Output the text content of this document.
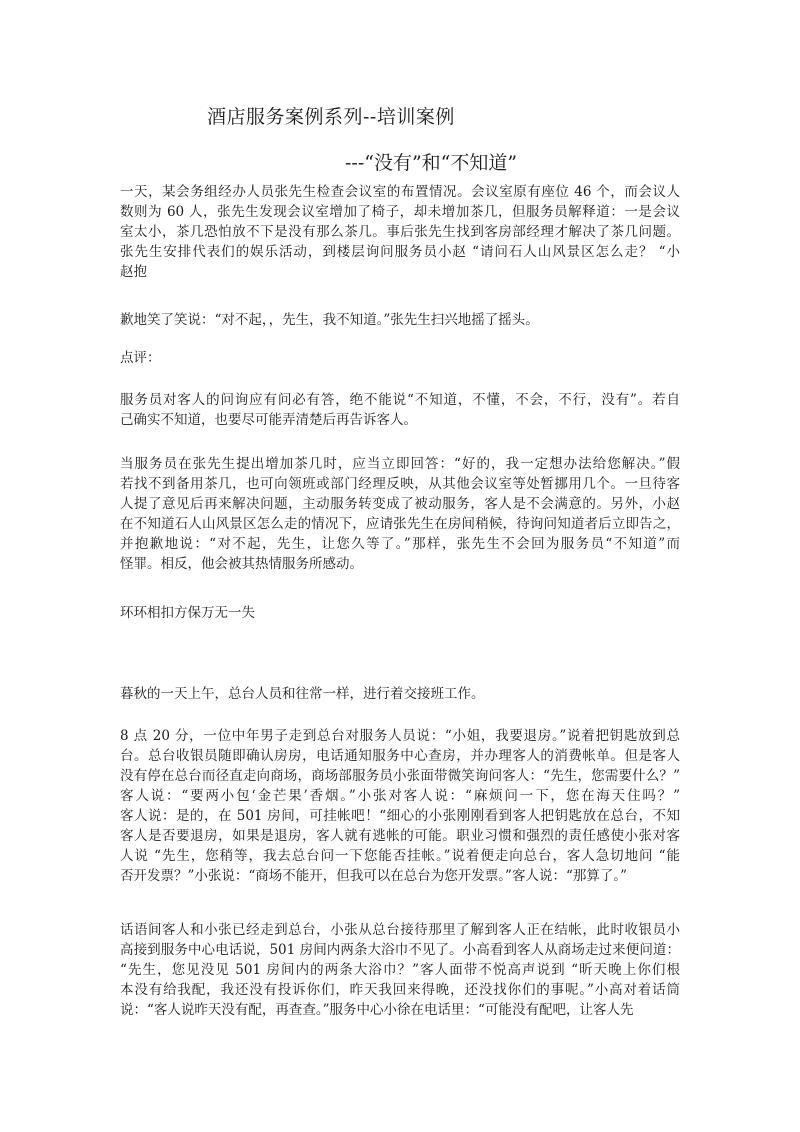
酒店服务案例系列--培训案例
---“没有”和“不知道”
一天，某会务组经办人员张先生检查会议室的布置情况。会议室原有座位 46 个，而会议人
数则为 60 人，张先生发现会议室增加了椅子，却未增加茶几，但服务员解释道：一是会议
室太小，茶几恐怕放不下是没有那么茶几。事后张先生找到客房部经理才解决了茶几问题。
张先生安排代表们的娱乐活动，到楼层询问服务员小赵 “请问石人山风景区怎么走？ “小
赵抱
歉地笑了笑说：“对不起，，先生，我不知道。”张先生扫兴地摇了摇头。
点评：
服务员对客人的问询应有问必有答，绝不能说“不知道，不懂，不会，不行，没有”。若自
己确实不知道，也要尽可能弄清楚后再告诉客人。
当服务员在张先生提出增加茶几时，应当立即回答：“好的，我一定想办法给您解决。”假
若找不到备用茶几，也可向领班或部门经理反映，从其他会议室等处暂挪用几个。一旦待客
人提了意见后再来解决问题，主动服务转变成了被动服务，客人是不会满意的。另外，小赵
在不知道石人山风景区怎么走的情况下，应请张先生在房间稍候，待询问知道者后立即告之，
并抱歉地说：“对不起，先生，让您久等了。”那样，张先生不会回为服务员“不知道”而
怪罪。相反，他会被其热情服务所感动。
环环相扣方保万无一失
暮秋的一天上午，总台人员和往常一样，进行着交接班工作。
8 点 20 分，一位中年男子走到总台对服务人员说：“小姐，我要退房。”说着把钥匙放到总
台。总台收银员随即确认房房，电话通知服务中心查房，并办理客人的消费帐单。但是客人
没有停在总台而径直走向商场，商场部服务员小张面带微笑询问客人：“先生，您需要什么？”
客人说：“要两小包‘金芒果’香烟。”小张对客人说：“麻烦问一下，您在海天住吗？”
客人说：是的，在 501 房间，可挂帐吧！“细心的小张刚刚看到客人把钥匙放在总台，不知
客人是否要退房，如果是退房，客人就有逃帐的可能。职业习惯和强烈的责任感使小张对客
人说 “先生，您稍等，我去总台问一下您能否挂帐。”说着便走向总台，客人急切地问 “能
否开发票？”小张说：“商场不能开，但我可以在总台为您开发票。”客人说：“那算了。”
话语间客人和小张已经走到总台，小张从总台接待那里了解到客人正在结帐，此时收银员小
高接到服务中心电话说，501 房间内两条大浴巾不见了。小高看到客人从商场走过来便问道：
“先生，您见没见 501 房间内的两条大浴巾？”客人面带不悦高声说到 “昕天晚上你们根
本没有给我配，我还没有投诉你们，昨天我回来得晚，还没找你们的事呢。”小高对着话筒
说：“客人说昨天没有配，再查查。”服务中心小徐在电话里：“可能没有配吧，让客人先
